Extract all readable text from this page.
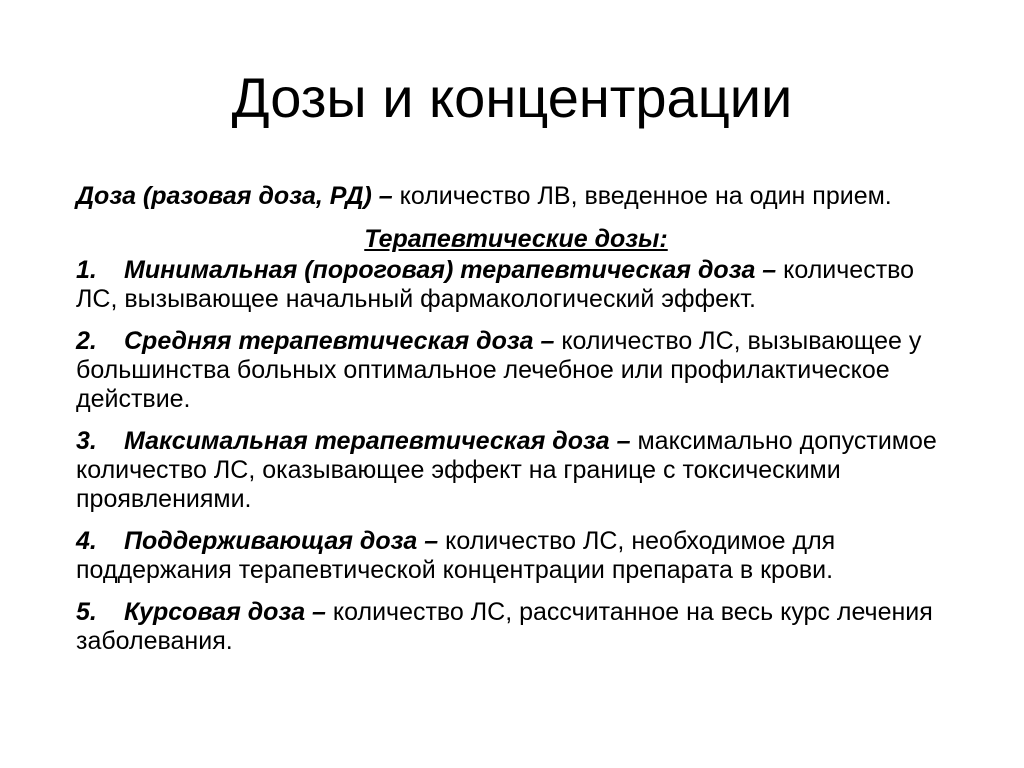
Дозы и концентрации

Доза (разовая доза, РД) – количество ЛВ, введенное на один прием.

Терапевтические дозы:

1. Минимальная (пороговая) терапевтическая доза – количество ЛС, вызывающее начальный фармакологический эффект.

2. Средняя терапевтическая доза – количество ЛС, вызывающее у большинства больных оптимальное лечебное или профилактическое действие.

3. Максимальная терапевтическая доза – максимально допустимое количество ЛС, оказывающее эффект на границе с токсическими проявлениями.

4. Поддерживающая доза – количество ЛС, необходимое для поддержания терапевтической концентрации препарата в крови.

5. Курсовая доза – количество ЛС, рассчитанное на весь курс лечения заболевания.
